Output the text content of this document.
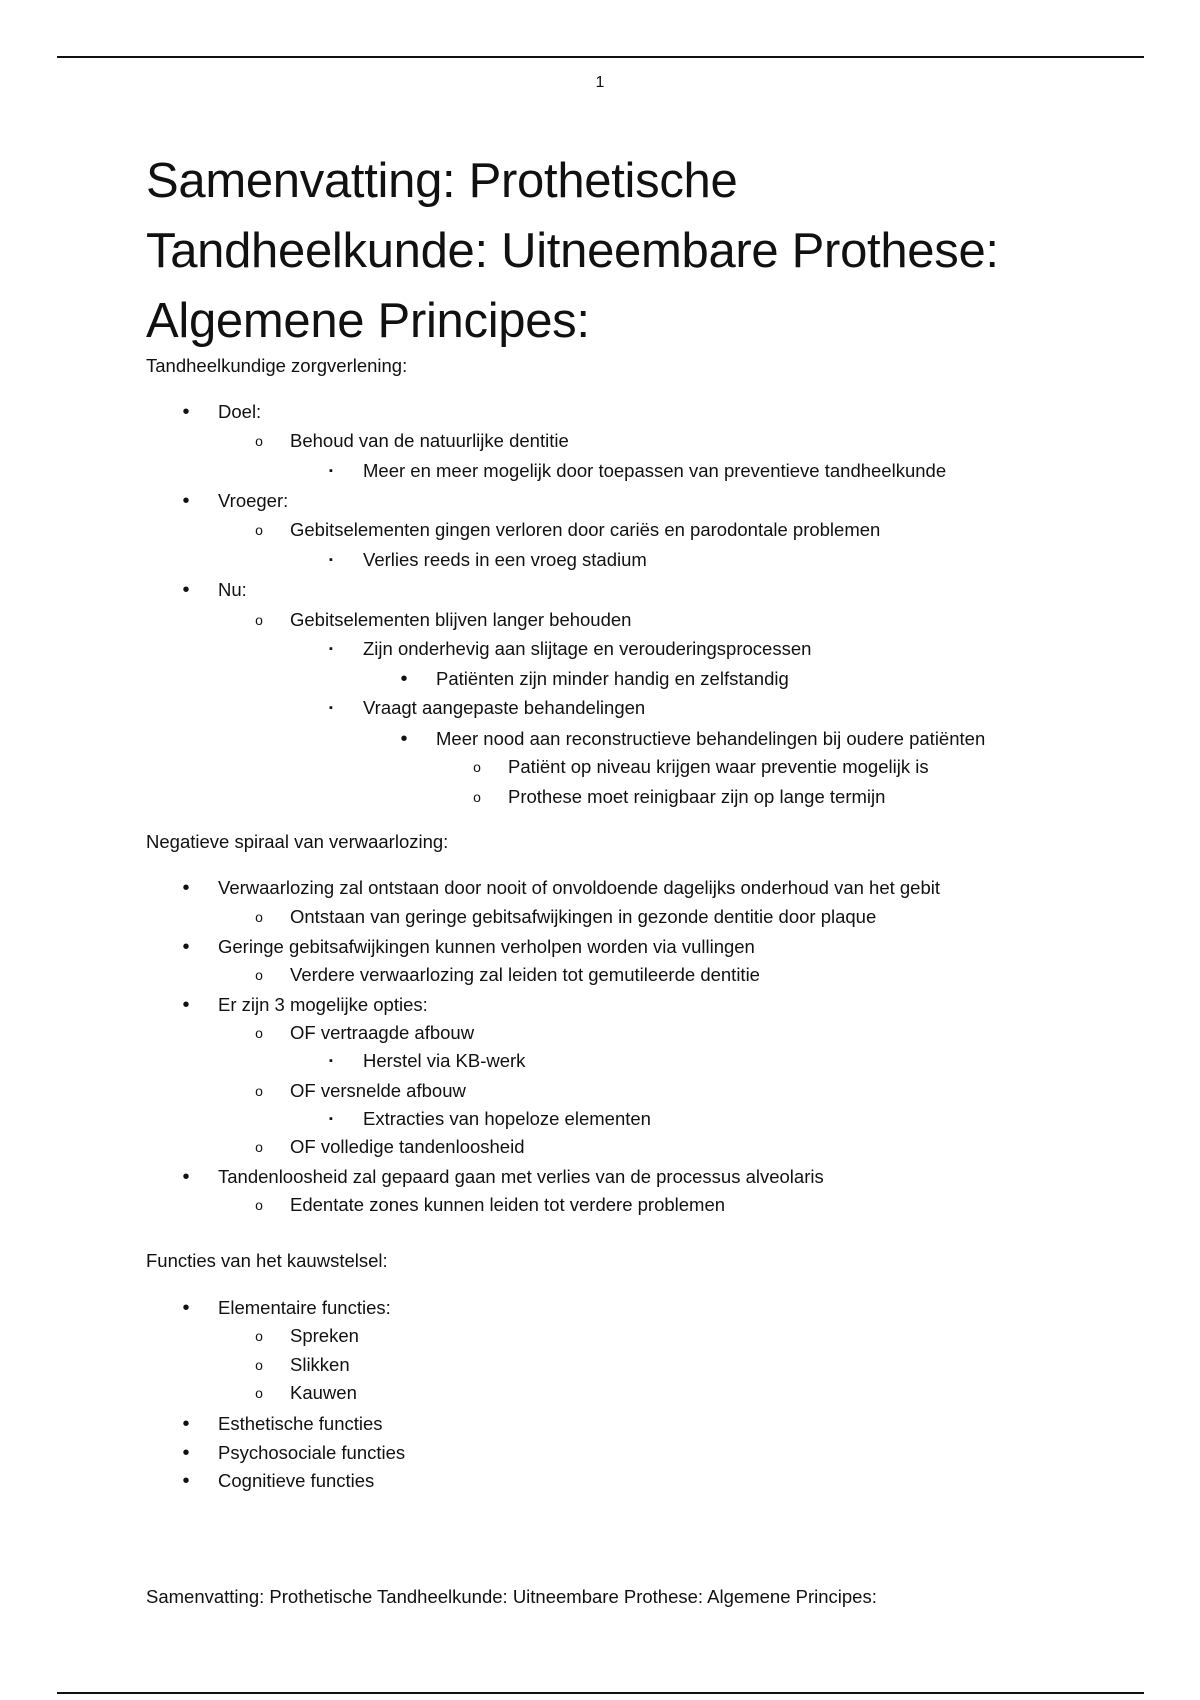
1
Samenvatting: Prothetische
Tandheelkunde: Uitneembare Prothese:
Algemene Principes:
Tandheelkundige zorgverlening:
• Doel:
o Behoud van de natuurlijke dentitie
▪	Meer en meer mogelijk door toepassen van preventieve tandheelkunde
• Vroeger:
o Gebitselementen gingen verloren door cariës en parodontale problemen
▪	Verlies reeds in een vroeg stadium
• Nu:
o Gebitselementen blijven langer behouden
▪	Zijn onderhevig aan slijtage en verouderingsprocessen
• Patiënten zijn minder handig en zelfstandig
▪	Vraagt aangepaste behandelingen
• Meer nood aan reconstructieve behandelingen bij oudere patiënten
o Patiënt op niveau krijgen waar preventie mogelijk is
o Prothese moet reinigbaar zijn op lange termijn
Negatieve spiraal van verwaarlozing:
• Verwaarlozing zal ontstaan door nooit of onvoldoende dagelijks onderhoud van het gebit
o Ontstaan van geringe gebitsafwijkingen in gezonde dentitie door plaque
• Geringe gebitsafwijkingen kunnen verholpen worden via vullingen
o Verdere verwaarlozing zal leiden tot gemutileerde dentitie
• Er zijn 3 mogelijke opties:
o OF vertraagde afbouw
▪	Herstel via KB-werk
o OF versnelde afbouw
▪	Extracties van hopeloze elementen
o OF volledige tandenloosheid
• Tandenloosheid zal gepaard gaan met verlies van de processus alveolaris
o Edentate zones kunnen leiden tot verdere problemen
Functies van het kauwstelsel:
• Elementaire functies:
o Spreken
o Slikken
o Kauwen
• Esthetische functies
• Psychosociale functies
• Cognitieve functies
Samenvatting: Prothetische Tandheelkunde: Uitneembare Prothese: Algemene Principes:
